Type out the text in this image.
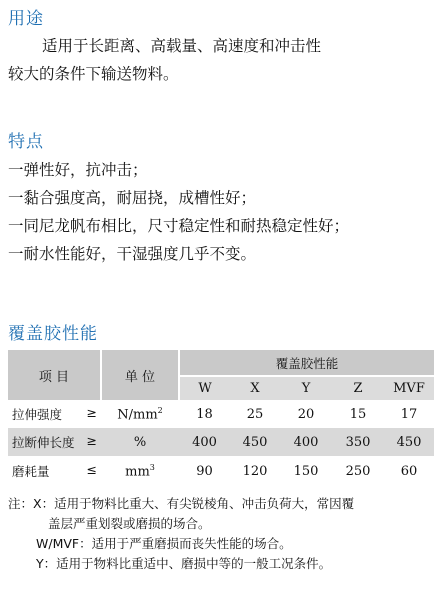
用途
适用于长距离、高载量、高速度和冲击性
较大的条件下输送物料。
特点
一弹性好，抗冲击；
一黏合强度高，耐屈挠，成槽性好；
一同尼龙帆布相比，尺寸稳定性和耐热稳定性好；
一耐水性能好，干湿强度几乎不变。
覆盖胶性能
项 目	单 位	覆盖胶性能				
		W	X	Y	Z	MVF

拉伸强度 ≥	$N/mm^2$	18	25	20	15	17

拉断伸长度 ≥	%	400	450	400	350	450

磨耗量 ≤	$mm^3$	90	120	150	250	60
注：X：适用于物料比重大、有尖锐棱角、冲击负荷大，常因覆
盖层严重划裂或磨损的场合。
W/MVF：适用于严重磨损而丧失性能的场合。
Y：适用于物料比重适中、磨损中等的一般工况条件。
